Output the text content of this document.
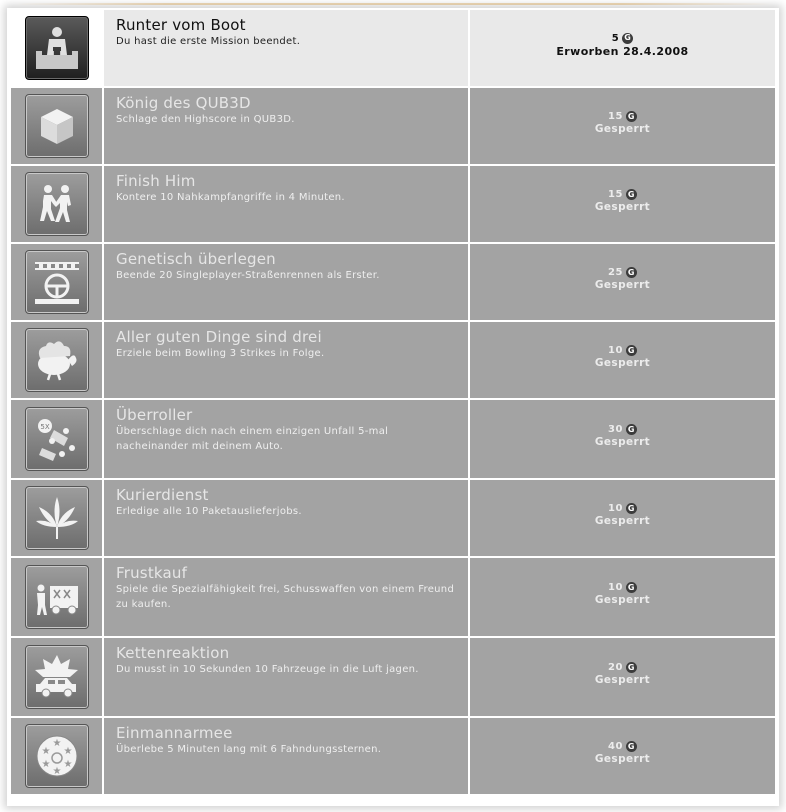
Runter vom Boot
Du hast die erste Mission beendet.	5 G
Erworben 28.4.2008
König des QUB3D
Schlage den Highscore in QUB3D.	15 G
Gesperrt
Finish Him
Kontere 10 Nahkampfangriffe in 4 Minuten.	15 G
Gesperrt
Genetisch überlegen
Beende 20 Singleplayer-Straßenrennen als Erster.	25 G
Gesperrt
Aller guten Dinge sind drei
Erziele beim Bowling 3 Strikes in Folge.	10 G
Gesperrt
5X
Überroller
Überschlage dich nach einem einzigen Unfall 5-mal nacheinander mit deinem Auto.
30 G
Gesperrt
Kurierdienst
Erledige alle 10 Paketauslieferjobs.	10 G
Gesperrt
Frustkauf
Spiele die Spezialfähigkeit frei, Schusswaffen von einem Freund zu kaufen.
10 G
Gesperrt
Kettenreaktion
Du musst in 10 Sekunden 10 Fahrzeuge in die Luft jagen.	20 G
Gesperrt
★
★ ★
★ ★
★
Einmannarmee
Überlebe 5 Minuten lang mit 6 Fahndungssternen.	40 G
Gesperrt
